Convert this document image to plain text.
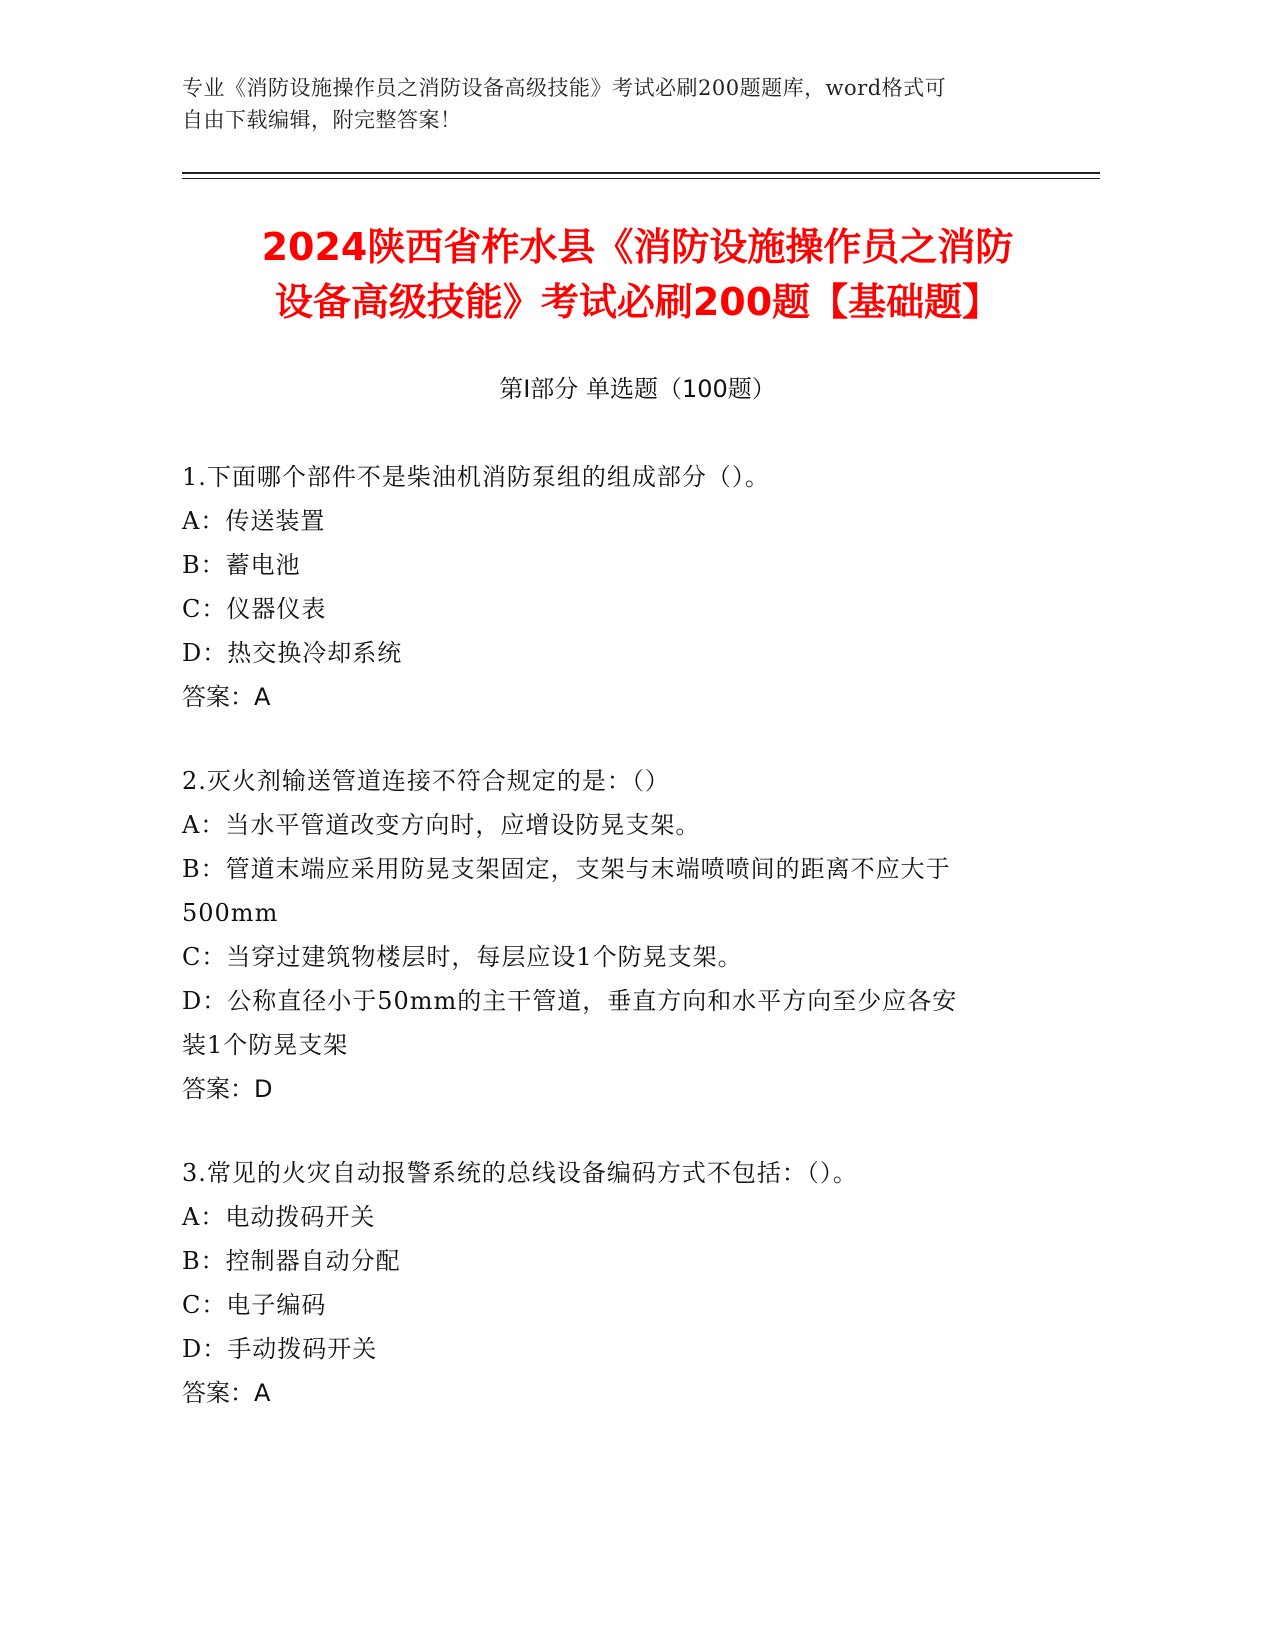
专业《消防设施操作员之消防设备高级技能》考试必刷200题题库，word格式可
自由下载编辑，附完整答案！
2024陕西省柞水县《消防设施操作员之消防
设备高级技能》考试必刷200题【基础题】
第Ⅰ部分 单选题（100题）

1.下面哪个部件不是柴油机消防泵组的组成部分（）。

A：传送装置

B：蓄电池

C：仪器仪表

D：热交换冷却系统

答案：A

2.灭火剂输送管道连接不符合规定的是：（）

A：当水平管道改变方向时，应增设防晃支架。

B：管道末端应采用防晃支架固定，支架与末端喷喷间的距离不应大于

500mm

C：当穿过建筑物楼层时，每层应设1个防晃支架。

D：公称直径小于50mm的主干管道，垂直方向和水平方向至少应各安

装1个防晃支架

答案：D

3.常见的火灾自动报警系统的总线设备编码方式不包括：（）。

A：电动拨码开关

B：控制器自动分配

C：电子编码

D：手动拨码开关

答案：A
